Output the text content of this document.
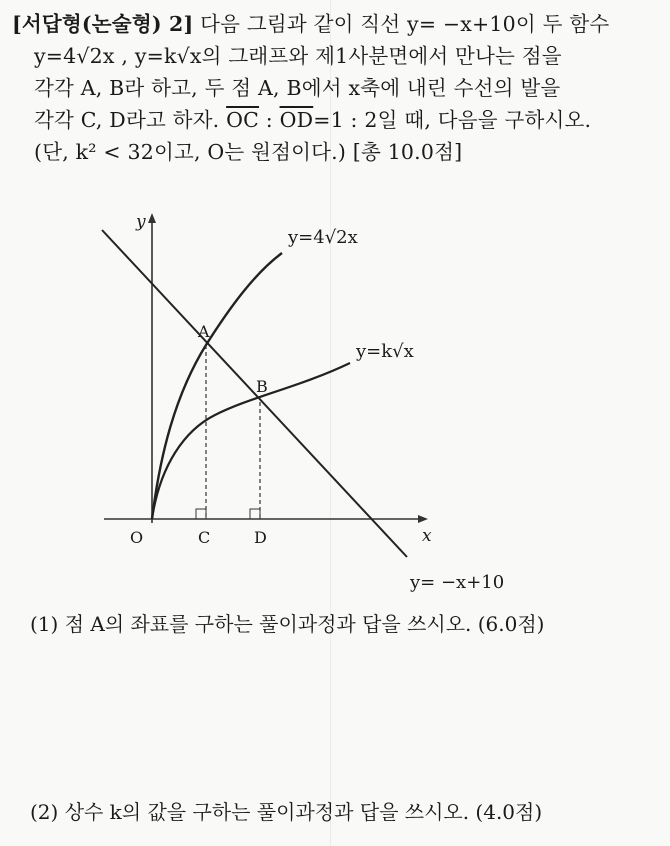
[서답형(논술형) 2] 다음 그림과 같이 직선 y= −x+10이 두 함수
y=4√2x , y=k√x의 그래프와 제1사분면에서 만나는 점을
각각 A, B라 하고, 두 점 A, B에서 x축에 내린 수선의 발을
각각 C, D라고 하자. $\overline{OC}$ : $\overline{OD}=1$ : 2일 때, 다음을 구하시오.
(단, k² < 32이고, O는 원점이다.) [총 10.0점]
y
x
O
A
B
C	D
y=4√2x
y=k√x
y= −x+10
(1) 점 A의 좌표를 구하는 풀이과정과 답을 쓰시오. (6.0점)
(2) 상수 k의 값을 구하는 풀이과정과 답을 쓰시오. (4.0점)
